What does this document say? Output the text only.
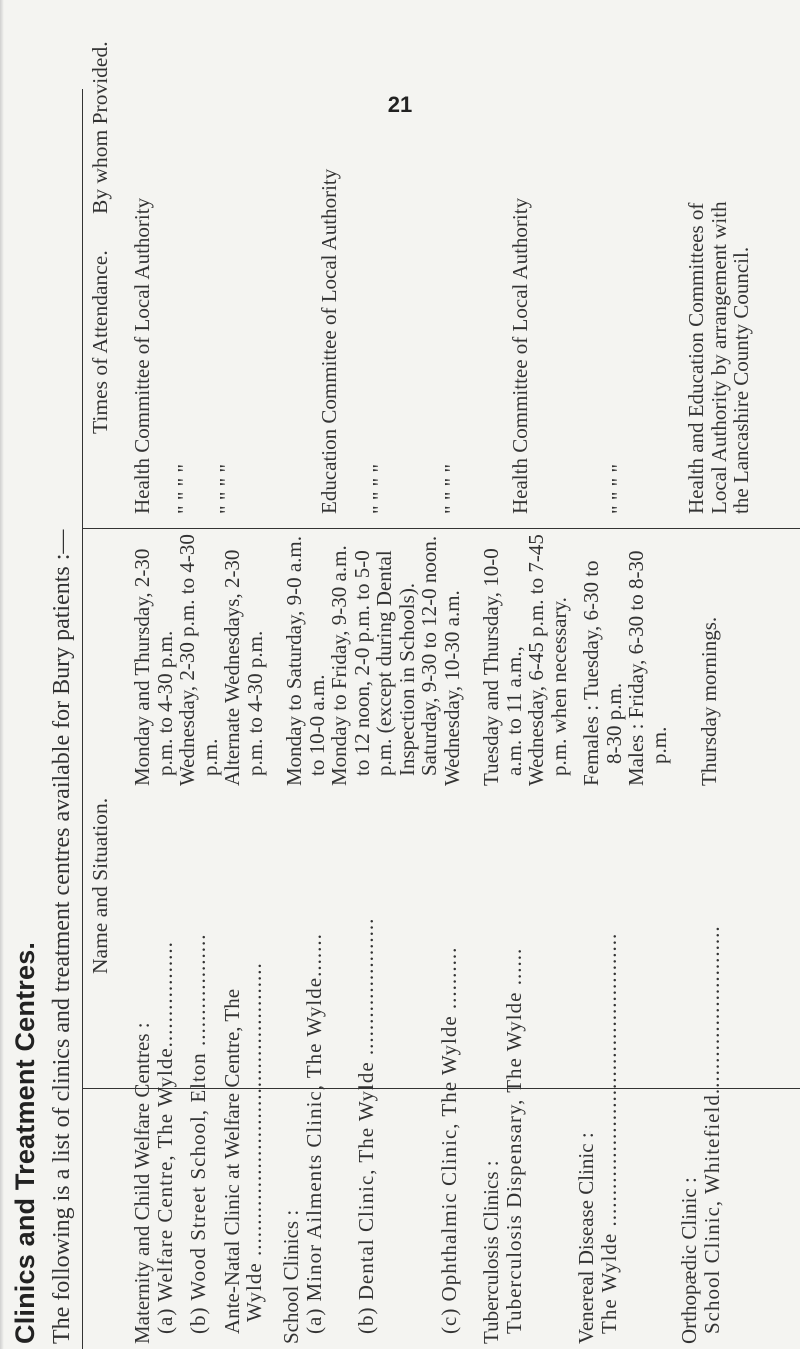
21
Clinics and Treatment Centres. The following is a list of clinics and treatment centres available for Bury patients :— Name and Situation.
Times of Attendance.
By whom Provided.
Maternity and Child Welfare Centres :
(a) Welfare Centre, The Wylde................. (b) Wood Street School, Elton .................. Ante-Natal Clinic at Welfare Centre, The
Wylde ...............................................
Monday and Thursday, 2-30
p.m. to 4-30 p.m.
Wednesday, 2-30 p.m. to 4-30
p.m.
Alternate Wednesdays, 2-30
p.m. to 4-30 p.m.
Health Committee of Local Authority " " " " " " " "
School Clinics :
(a) Minor Ailments Clinic, The Wylde....... (b) Dental Clinic, The Wylde ......................	(c) Ophthalmic Clinic, The Wylde ..........
Monday to Saturday, 9-0 a.m.
to 10-0 a.m.
Monday to Friday, 9-30 a.m.
to 12 noon, 2-0 p.m. to 5-0
p.m. (except during Dental
Inspection in Schools).
Saturday, 9-30 to 12-0 noon.
Wednesday, 10-30 a.m.
Education Committee of Local Authority " " " " " " " "
Tuberculosis Clinics :
Tuberculosis Dispensary, The Wylde ......
Tuesday and Thursday, 10-0
a.m. to 11 a.m.,
Wednesday, 6-45 p.m. to 7-45
p.m. when necessary.
Health Committee of Local Authority
Venereal Disease Clinic :
The Wylde ...............................................
Females : Tuesday, 6-30 to
8-30 p.m.
Males : Friday, 6-30 to 8-30
p.m.
" " " "
Orthopædic Clinic :
School Clinic, Whitefield...........................
Thursday mornings.
Health and Education Committees of
Local Authority by arrangement with
the Lancashire County Council.
